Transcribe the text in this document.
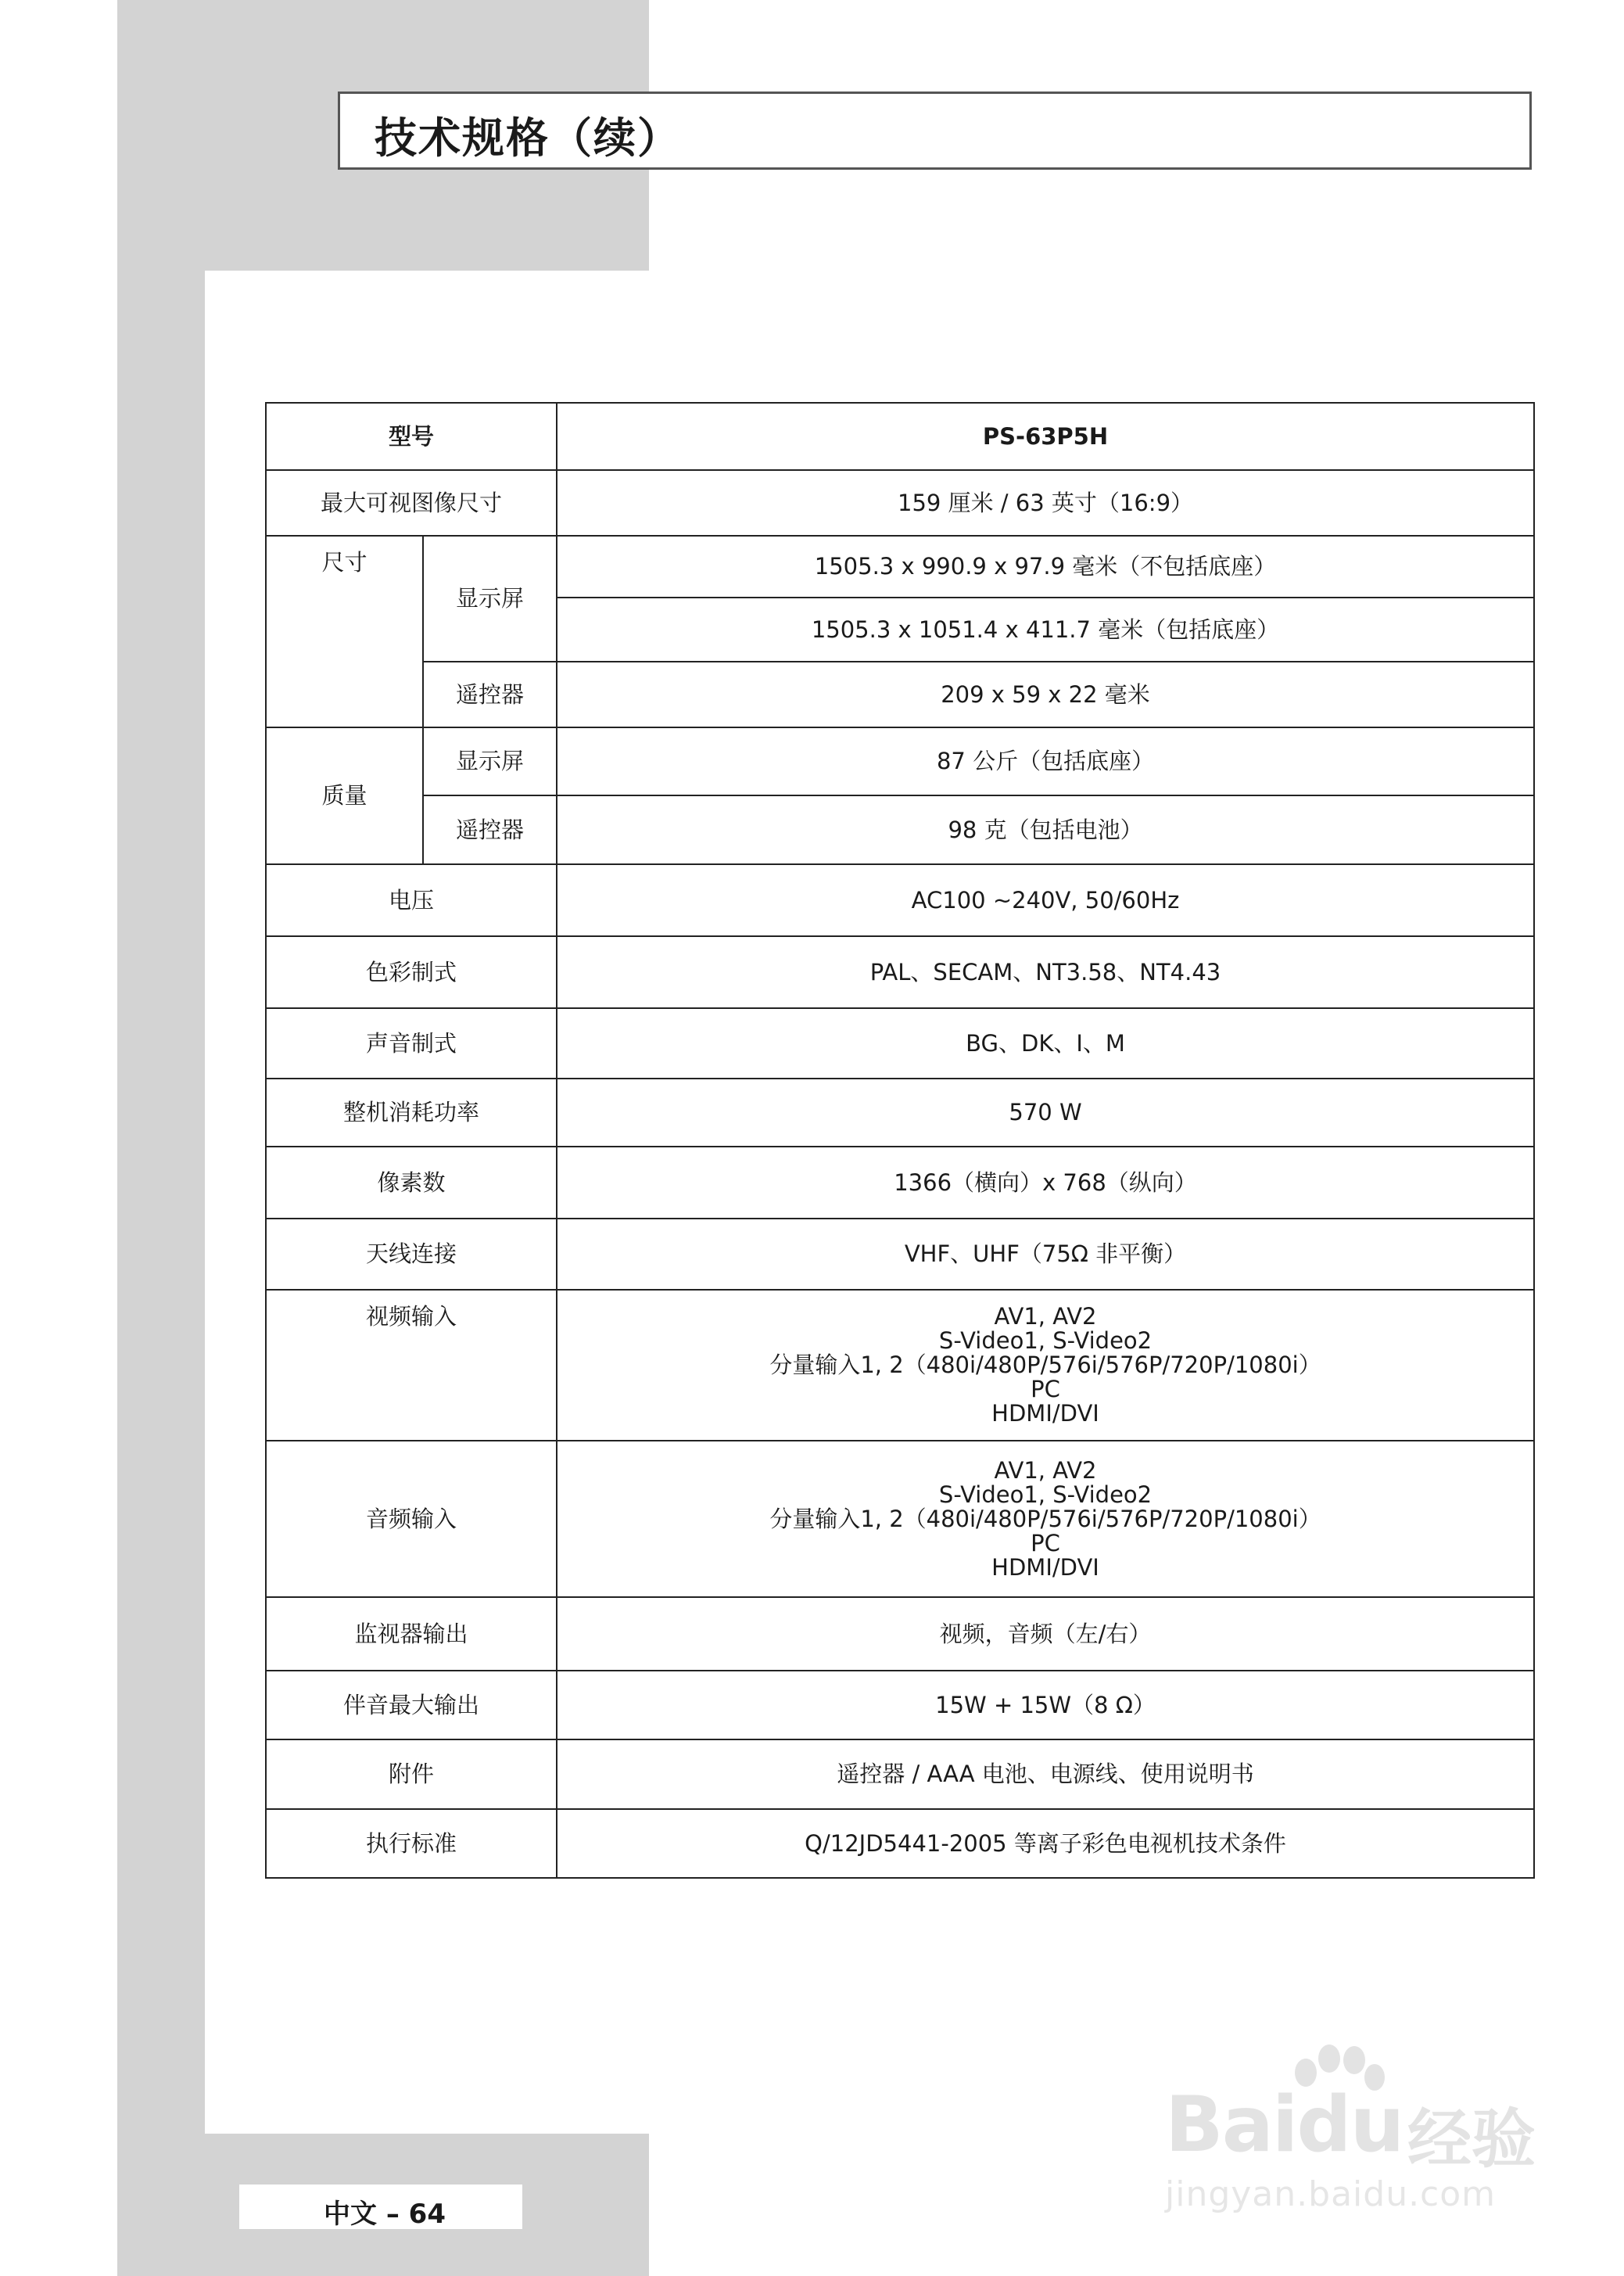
技术规格（续）
型号		PS-63P5H
最大可视图像尺寸		159 厘米 / 63 英寸（16:9）
尺寸	显示屏	1505.3 x 990.9 x 97.9 毫米（不包括底座）
		1505.3 x 1051.4 x 411.7 毫米（包括底座）
	遥控器	209 x 59 x 22 毫米
质量	显示屏	87 公斤（包括底座）
	遥控器	98 克（包括电池）
电压		AC100 ~240V, 50/60Hz
色彩制式		PAL、SECAM、NT3.58、NT4.43
声音制式		BG、DK、I、M
整机消耗功率		570 W
像素数		1366（横向）x 768（纵向）
天线连接		VHF、UHF（75Ω 非平衡）
视频输入		AV1, AV2
S-Video1, S-Video2
分量输入1, 2（480i/480P/576i/576P/720P/1080i）
PC
HDMI/DVI

音频输入		AV1, AV2
S-Video1, S-Video2
分量输入1, 2（480i/480P/576i/576P/720P/1080i）
PC
HDMI/DVI

监视器输出		视频，音频（左/右）
伴音最大输出		15W + 15W（8 Ω）
附件		遥控器 / AAA 电池、电源线、使用说明书
执行标准		Q/12JD5441-2005 等离子彩色电视机技术条件
中文 – 64
Baidu 经验
jingyan.baidu.com
